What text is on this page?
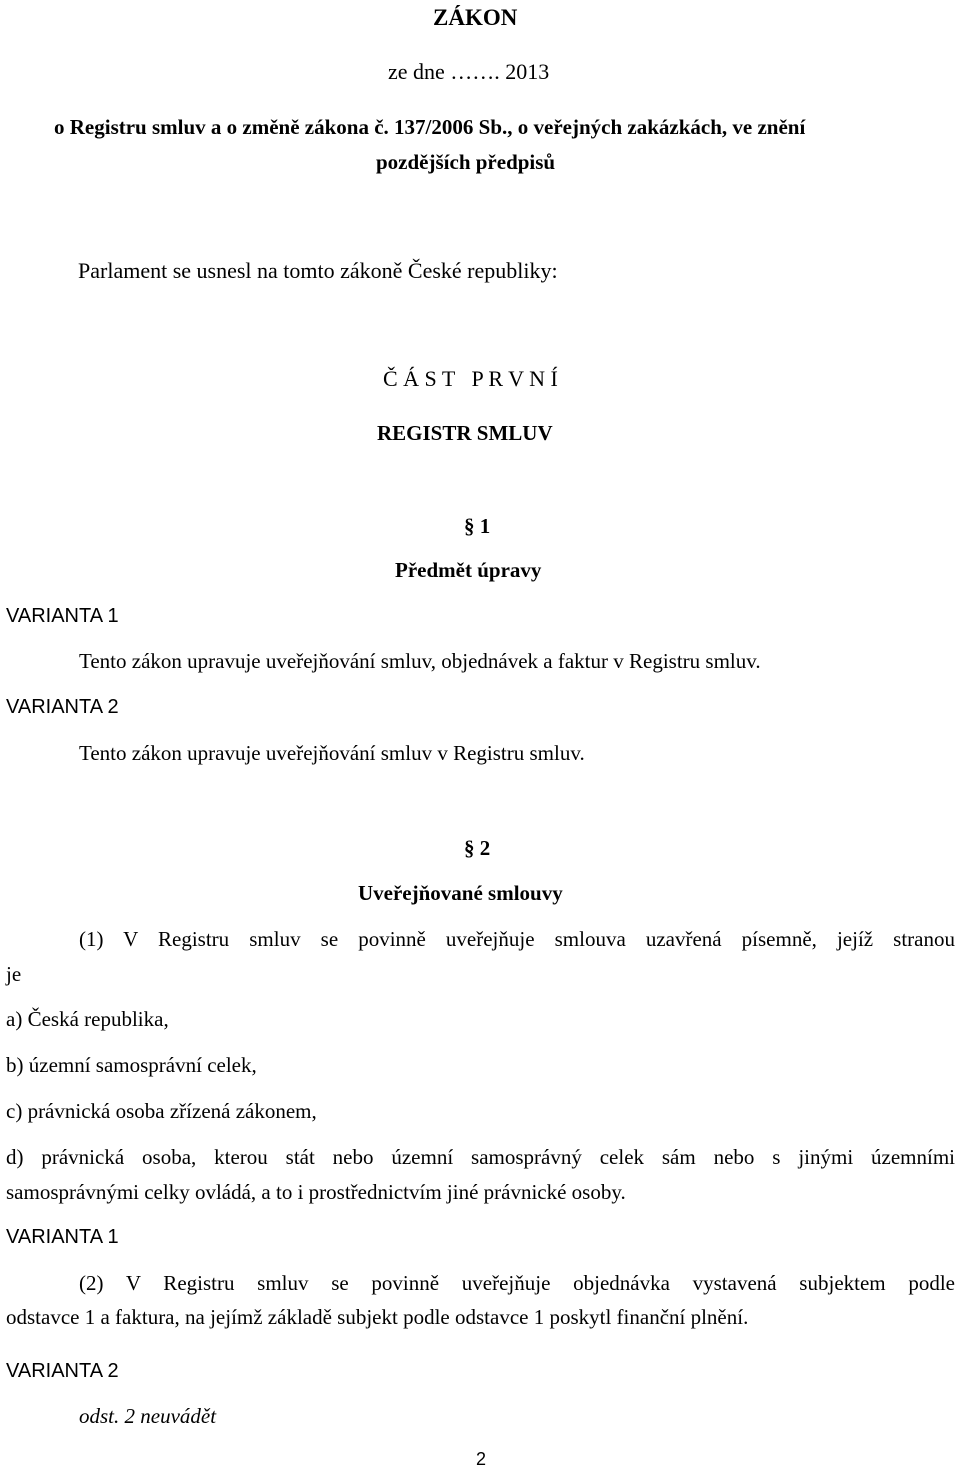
ZÁKON
ze dne ……. 2013
o Registru smluv a o změně zákona č. 137/2006 Sb., o veřejných zakázkách, ve znění
pozdějších předpisů
Parlament se usnesl na tomto zákoně České republiky:
Č Á S T   P R V N Í
REGISTR SMLUV
§ 1
Předmět úpravy
VARIANTA 1
Tento zákon upravuje uveřejňování smluv, objednávek a faktur v Registru smluv.
VARIANTA 2
Tento zákon upravuje uveřejňování smluv v Registru smluv.
§ 2
Uveřejňované smlouvy
(1) V Registru smluv se povinně uveřejňuje smlouva uzavřená písemně, jejíž stranou
je
a) Česká republika,
b) územní samosprávní celek,
c) právnická osoba zřízená zákonem,
d) právnická osoba, kterou stát nebo územní samosprávný celek sám nebo s jinými územními
samosprávnými celky ovládá, a to i prostřednictvím jiné právnické osoby.
VARIANTA 1
(2) V Registru smluv se povinně uveřejňuje objednávka vystavená subjektem podle
odstavce 1 a faktura, na jejímž základě subjekt podle odstavce 1 poskytl finanční plnění.
VARIANTA 2
odst. 2 neuvádět
2
